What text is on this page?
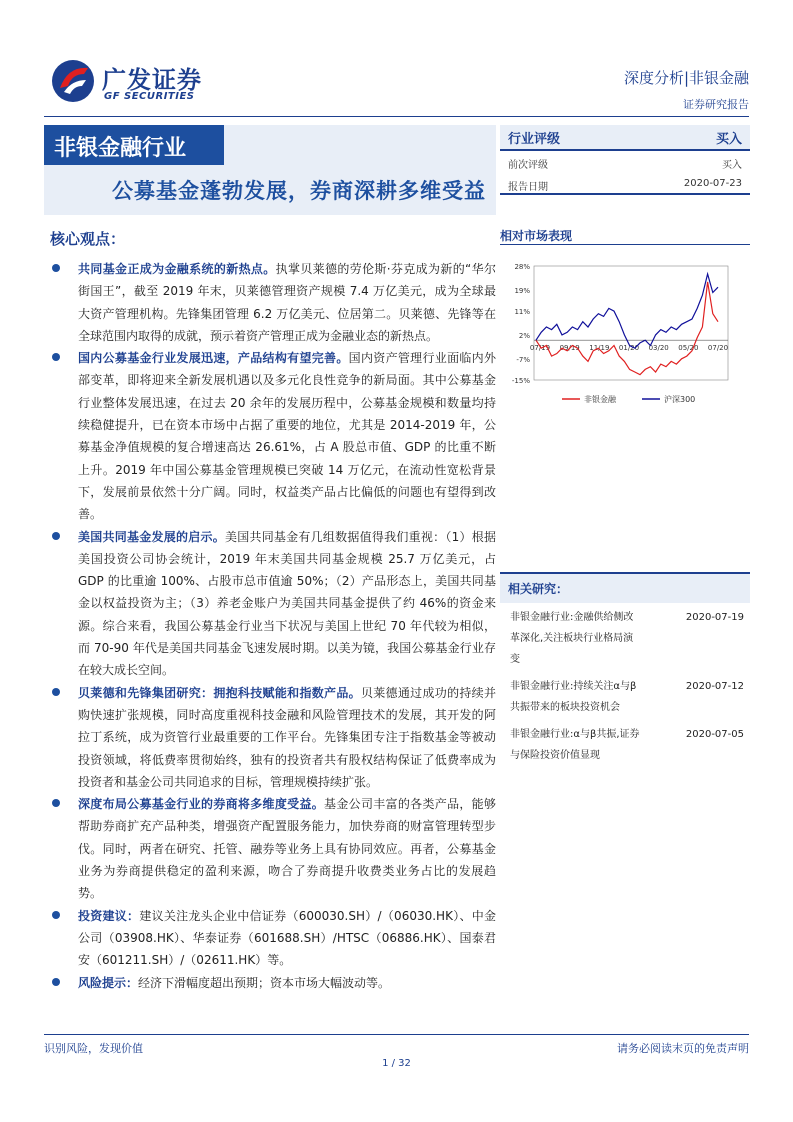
广发证券
GF SECURITIES
深度分析|非银金融
证券研究报告
非银金融行业
公募基金蓬勃发展，券商深耕多维受益
行业评级	买入
前次评级	买入
报告日期	2020-07-23
核心观点：
共同基金正成为金融系统的新热点。执掌贝莱德的劳伦斯·芬克成为新的“华尔街国王”，截至 2019 年末，贝莱德管理资产规模 7.4 万亿美元，成为全球最大资产管理机构。先锋集团管理 6.2 万亿美元、位居第二。贝莱德、先锋等在全球范围内取得的成就，预示着资产管理正成为金融业态的新热点。
国内公募基金行业发展迅速，产品结构有望完善。国内资产管理行业面临内外部变革，即将迎来全新发展机遇以及多元化良性竞争的新局面。其中公募基金行业整体发展迅速，在过去 20 余年的发展历程中，公募基金规模和数量均持续稳健提升，已在资本市场中占据了重要的地位，尤其是 2014-2019 年，公募基金净值规模的复合增速高达 26.61%，占 A 股总市值、GDP 的比重不断上升。2019 年中国公募基金管理规模已突破 14 万亿元，在流动性宽松背景下，发展前景依然十分广阔。同时，权益类产品占比偏低的问题也有望得到改善。
美国共同基金发展的启示。美国共同基金有几组数据值得我们重视：（1）根据美国投资公司协会统计，2019 年末美国共同基金规模 25.7 万亿美元，占 GDP 的比重逾 100%、占股市总市值逾 50%；（2）产品形态上，美国共同基金以权益投资为主；（3）养老金账户为美国共同基金提供了约 46%的资金来源。综合来看，我国公募基金行业当下状况与美国上世纪 70 年代较为相似，而 70-90 年代是美国共同基金飞速发展时期。以美为镜，我国公募基金行业存在较大成长空间。
贝莱德和先锋集团研究：拥抱科技赋能和指数产品。贝莱德通过成功的持续并购快速扩张规模，同时高度重视科技金融和风险管理技术的发展，其开发的阿拉丁系统，成为资管行业最重要的工作平台。先锋集团专注于指数基金等被动投资领域，将低费率贯彻始终，独有的投资者共有股权结构保证了低费率成为投资者和基金公司共同追求的目标，管理规模持续扩张。
深度布局公募基金行业的券商将多维度受益。基金公司丰富的各类产品，能够帮助券商扩充产品种类，增强资产配置服务能力，加快券商的财富管理转型步伐。同时，两者在研究、托管、融券等业务上具有协同效应。再者，公募基金业务为券商提供稳定的盈利来源，吻合了券商提升收费类业务占比的发展趋势。
投资建议：建议关注龙头企业中信证券（600030.SH）/（06030.HK）、中金公司（03908.HK）、华泰证券（601688.SH）/HTSC（06886.HK）、国泰君安（601211.SH）/（02611.HK）等。
风险提示：经济下滑幅度超出预期；资本市场大幅波动等。
相对市场表现
28%
19%
11%
2%
-7%
-15%
07/19 09/19 11/19 01/20 03/20 05/20 07/20
非银金融	沪深300
相关研究：
非银金融行业:金融供给侧改革深化,关注板块行业格局演变
2020-07-19
非银金融行业:持续关注α与β共振带来的板块投资机会
2020-07-12
非银金融行业:α与β共振,证券与保险投资价值显现
2020-07-05
识别风险，发现价值	请务必阅读末页的免责声明
1 / 32
